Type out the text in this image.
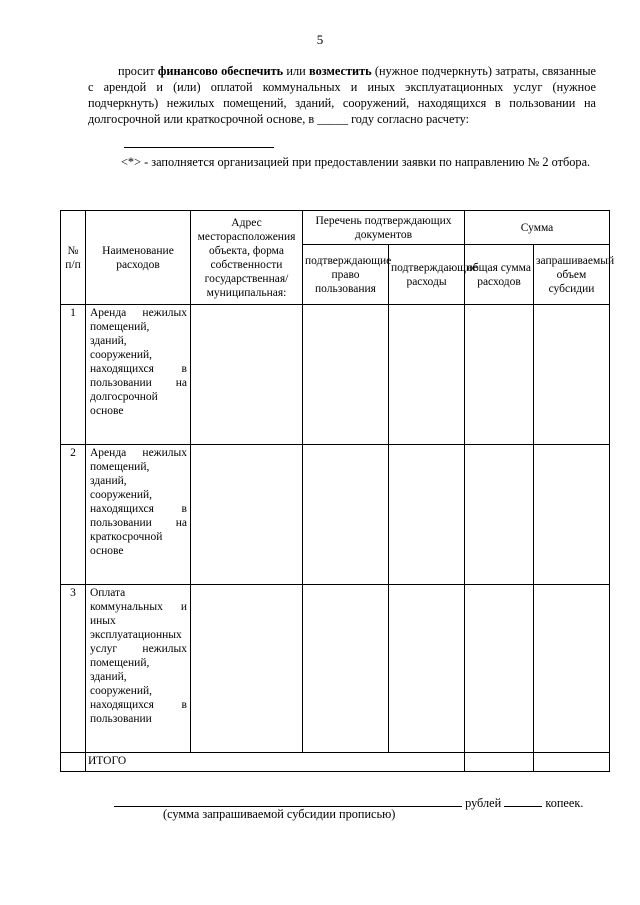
5
просит финансово обеспечить или возместить (нужное подчеркнуть) затраты, связанные с арендой и (или) оплатой коммунальных и иных эксплуатационных услуг (нужное подчеркнуть) нежилых помещений, зданий, сооружений, находящихся в пользовании на долгосрочной или краткосрочной основе, в _____ году согласно расчету:
<*> - заполняется организацией при предоставлении заявки по направлению № 2 отбора.
№ п/п	Наименование расходов	Адрес месторасположения объекта, форма собственности государственная/ муниципальная:	Перечень подтверждающих документов		Сумма	
			подтверждающие право пользования	подтверждающие расходы	общая сумма расходов	запрашиваемый объем субсидии
1	Аренда нежилых помещений, зданий, сооружений, находящихся в пользовании на долгосрочной основе					
2	Аренда нежилых помещений, зданий, сооружений, находящихся в пользовании на краткосрочной основе					
3	Оплата коммунальных и иных эксплуатационных услуг нежилых помещений, зданий, сооружений, находящихся в пользовании					
	ИТОГО					
рублей	копеек.
(сумма запрашиваемой субсидии прописью)
